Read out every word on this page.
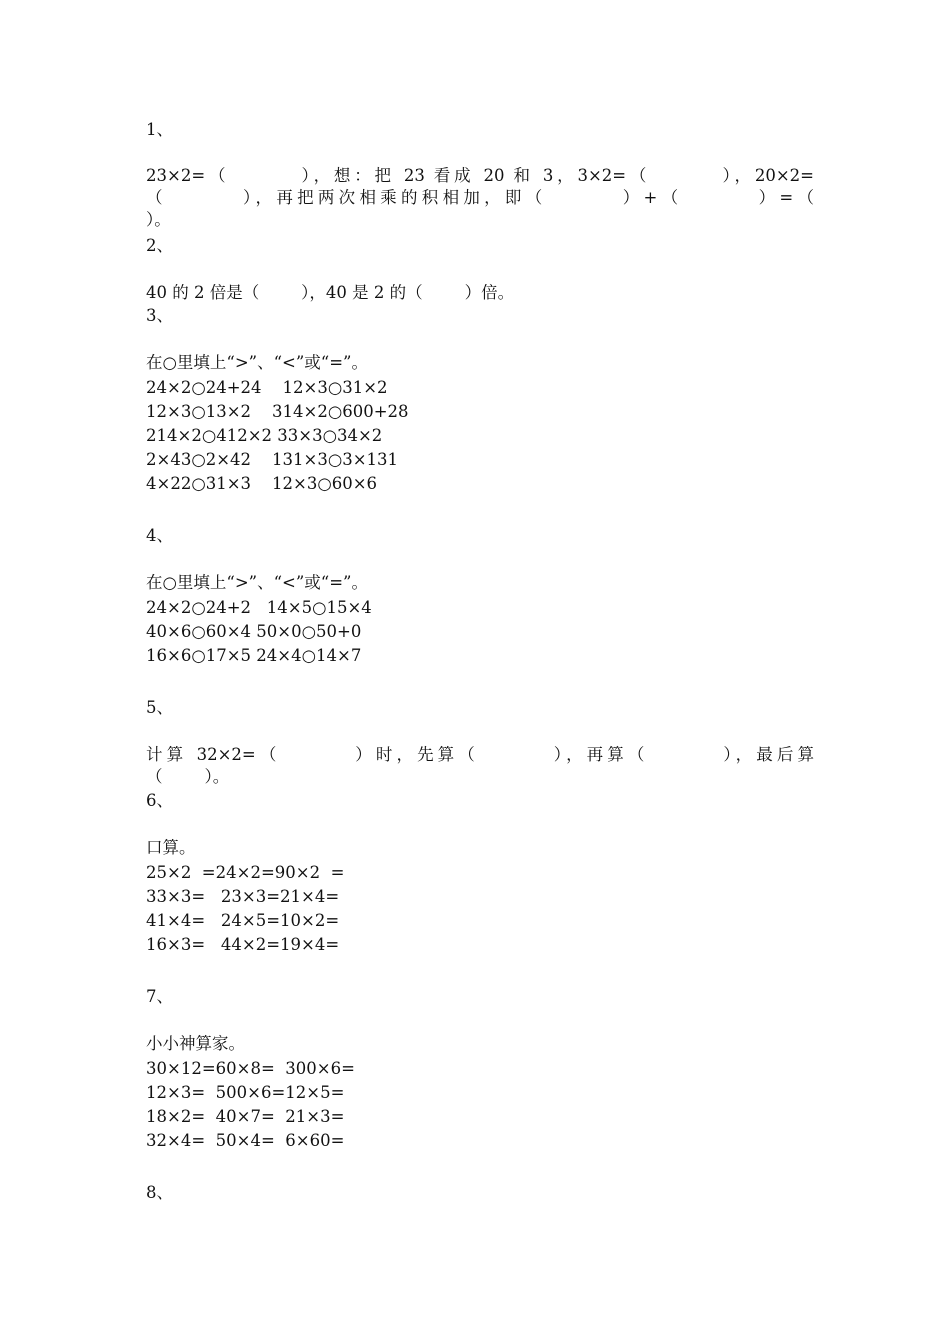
1、

23×2=（        ），想：把 23 看成 20 和 3，3×2=（        ），20×2=

（        ），再把两次相乘的积相加，即（        ）+（        ）=（

）。

2、

40 的 2 倍是（        ），40 是 2 的（        ）倍。

3、

在○里填上“>”、“<”或“=”。

24×2○24+24    12×3○31×2

12×3○13×2    314×2○600+28

214×2○412×2 33×3○34×2

2×43○2×42    131×3○3×131

4×22○31×3    12×3○60×6

4、

在○里填上“>”、“<”或“=”。

24×2○24+2   14×5○15×4

40×6○60×4 50×0○50+0

16×6○17×5 24×4○14×7

5、

计算 32×2=（        ）时，先算（        ），再算（        ），最后算

（        ）。

6、

口算。

25×2  =24×2=90×2  =

33×3=   23×3=21×4=

41×4=   24×5=10×2=

16×3=   44×2=19×4=

7、

小小神算家。

30×12=60×8=  300×6=

12×3=  500×6=12×5=

18×2=  40×7=  21×3=

32×4=  50×4=  6×60=

8、
